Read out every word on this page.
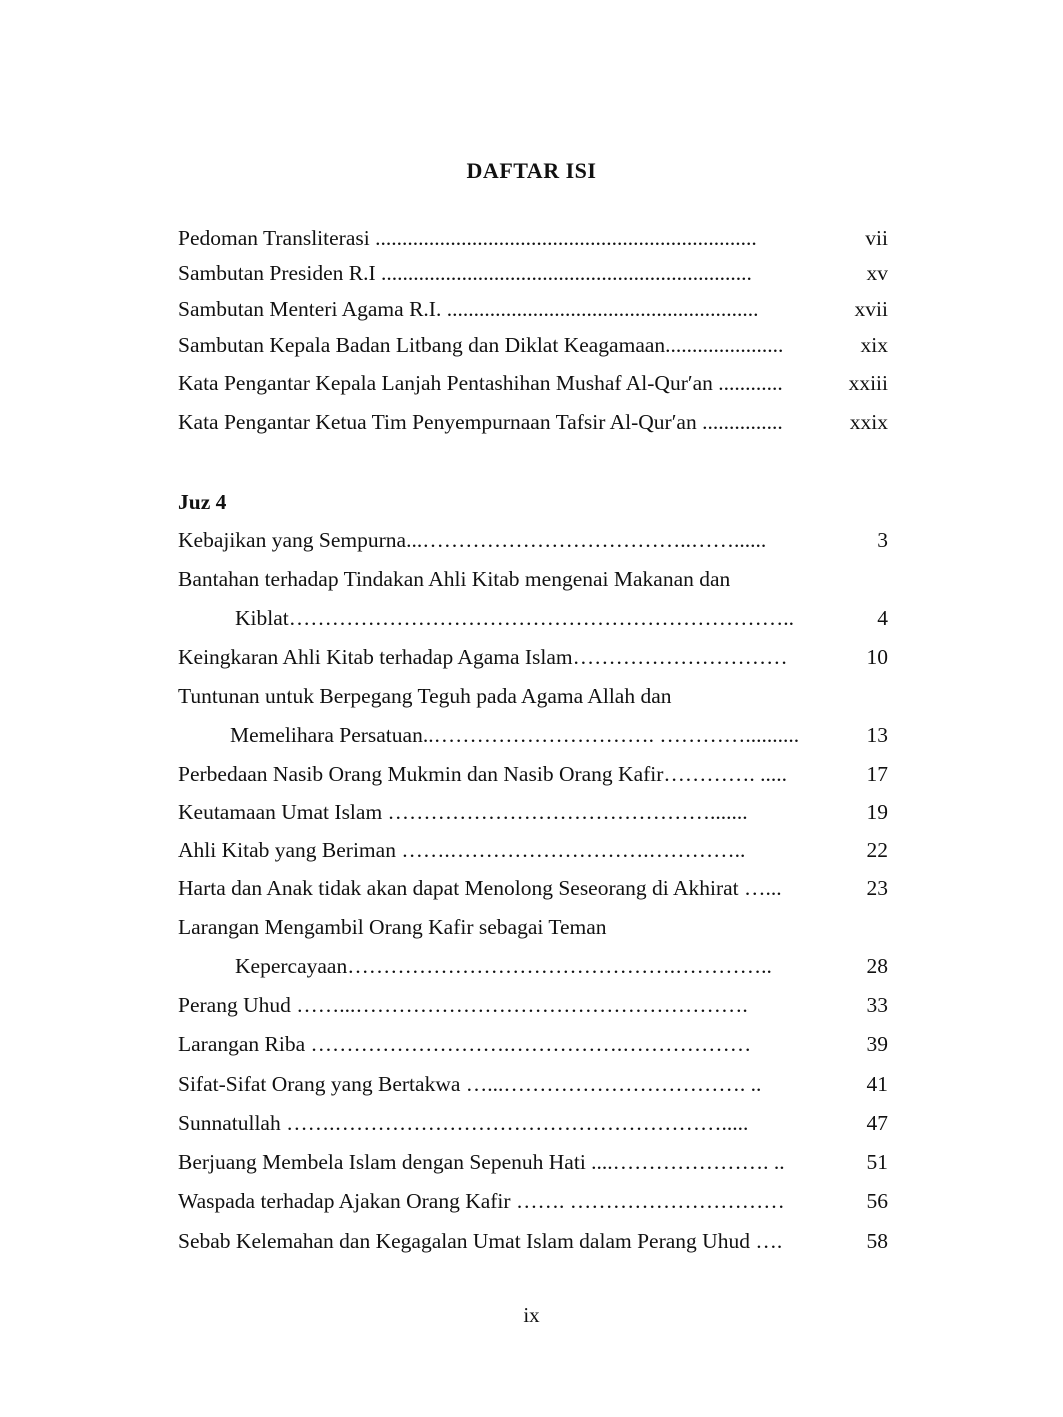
DAFTAR ISI
Pedoman Transliterasi .......................................................................	vii
Sambutan Presiden R.I .....................................................................	xv
Sambutan Menteri Agama R.I. ..........................................................	xvii
Sambutan Kepala Badan Litbang dan Diklat Keagamaan......................	xix
Kata Pengantar Kepala Lanjah Pentashihan Mushaf Al-Qurʹan ............	xxiii
Kata Pengantar Ketua Tim Penyempurnaan Tafsir Al-Qurʹan ...............	xxix
Juz 4
Kebajikan yang Sempurna...………………………………..……......	3
Bantahan terhadap Tindakan Ahli Kitab mengenai Makanan dan
Kiblat……………………………………………………………..	4
Keingkaran Ahli Kitab terhadap Agama Islam…………………………	10
Tuntunan untuk Berpegang Teguh pada Agama Allah dan
Memelihara Persatuan..…………………………. …………..........	13
Perbedaan Nasib Orang Mukmin dan Nasib Orang Kafir…………. .....	17
Keutamaan Umat Islam ……………………………………….......	19
Ahli Kitab yang Beriman …….……………………….…………..	22
Harta dan Anak tidak akan dapat Menolong Seseorang di Akhirat …...	23
Larangan Mengambil Orang Kafir sebagai Teman
Kepercayaan……………………………………….…………..	28
Perang Uhud ……...……………………………………………….	33
Larangan Riba ……………………….…………….………………	39
Sifat-Sifat Orang yang Bertakwa …...……………………………. ..	41
Sunnatullah …….……………………………………………….....	47
Berjuang Membela Islam dengan Sepenuh Hati ....…………………. ..	51
Waspada terhadap Ajakan Orang Kafir ……. …………………………	56
Sebab Kelemahan dan Kegagalan Umat Islam dalam Perang Uhud ….	58
ix
